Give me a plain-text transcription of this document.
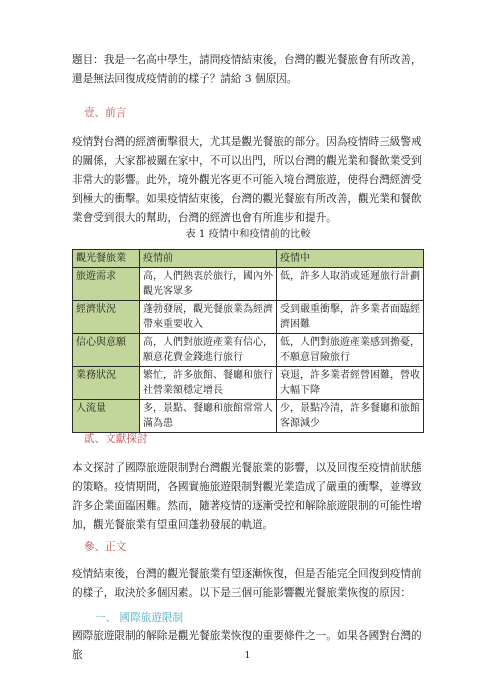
題目：我是一名高中學生，請問疫情結束後，台灣的觀光餐旅會有所改善，還是無法回復成疫情前的樣子？請給 3 個原因。

壹、前言

疫情對台灣的經濟衝擊很大，尤其是觀光餐旅的部分。因為疫情時三級警戒的關係，大家都被關在家中，不可以出門，所以台灣的觀光業和餐飲業受到非常大的影響。此外，境外觀光客更不可能入境台灣旅遊，使得台灣經濟受到極大的衝擊。如果疫情結束後，台灣的觀光餐旅有所改善，觀光業和餐飲業會受到很大的幫助，台灣的經濟也會有所進步和提升。

表 1 疫情中和疫情前的比較
觀光餐旅業	疫情前	疫情中
旅遊需求	高，人們熱衷於旅行，國內外觀光客眾多	低，許多人取消或延遲旅行計劃
經濟狀況	蓬勃發展，觀光餐旅業為經濟帶來重要收入	受到嚴重衝擊，許多業者面臨經濟困難
信心與意願	高，人們對旅遊產業有信心，願意花費金錢進行旅行	低，人們對旅遊產業感到擔憂，不願意冒險旅行
業務狀況	繁忙，許多旅館、餐廳和旅行社營業額穩定增長	衰退，許多業者經營困難，營收大幅下降
人流量	多，景點、餐廳和旅館常常人滿為患	少，景點冷清，許多餐廳和旅館客源減少
貳、文獻探討

本文探討了國際旅遊限制對台灣觀光餐旅業的影響，以及回復至疫情前狀態的策略。疫情期間，各國實施旅遊限制對觀光業造成了嚴重的衝擊，並導致許多企業面臨困難。然而，隨著疫情的逐漸受控和解除旅遊限制的可能性增加，觀光餐旅業有望重回蓬勃發展的軌道。

參、正文

疫情結束後，台灣的觀光餐旅業有望逐漸恢復，但是否能完全回復到疫情前的樣子，取決於多個因素。以下是三個可能影響觀光餐旅業恢復的原因：

一、 國際旅遊限制

國際旅遊限制的解除是觀光餐旅業恢復的重要條件之一。如果各國對台灣的旅	1
